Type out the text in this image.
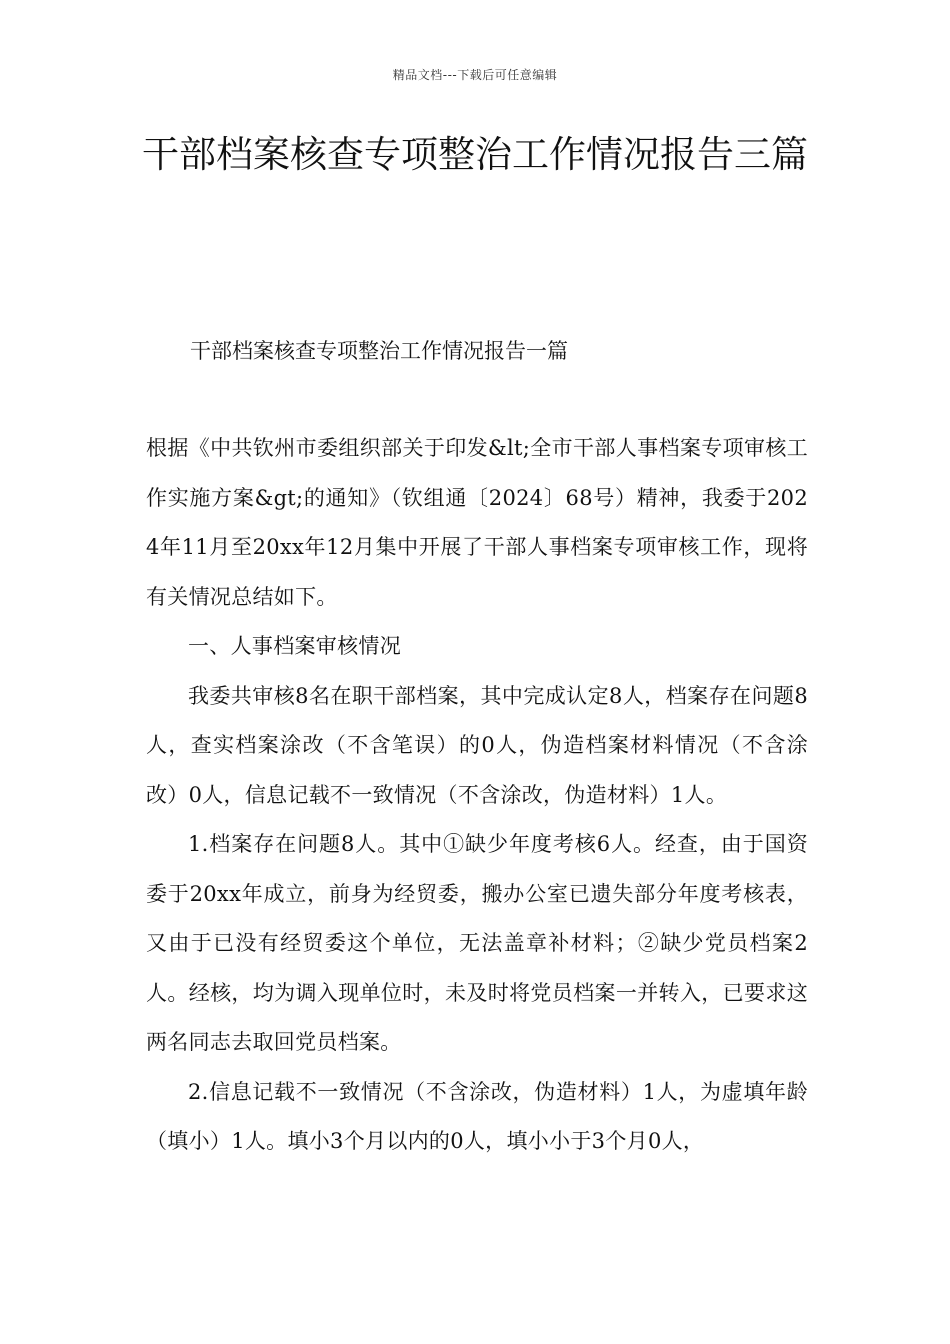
精品文档---下载后可任意编辑
干部档案核查专项整治工作情况报告三篇
干部档案核查专项整治工作情况报告一篇

根据《中共钦州市委组织部关于印发&lt;全市干部人事档案专项审核工作实施方案&gt;的通知》（钦组通〔2024〕68号）精神，我委于2024年11月至20xx年12月集中开展了干部人事档案专项审核工作，现将有关情况总结如下。

一、人事档案审核情况

我委共审核8名在职干部档案，其中完成认定8人，档案存在问题8人，查实档案涂改（不含笔误）的0人，伪造档案材料情况（不含涂改）0人，信息记载不一致情况（不含涂改，伪造材料）1人。

1.档案存在问题8人。其中①缺少年度考核6人。经查，由于国资委于20xx年成立，前身为经贸委，搬办公室已遗失部分年度考核表，又由于已没有经贸委这个单位，无法盖章补材料；②缺少党员档案2人。经核，均为调入现单位时，未及时将党员档案一并转入，已要求这两名同志去取回党员档案。

2.信息记载不一致情况（不含涂改，伪造材料）1人，为虚填年龄（填小）1人。填小3个月以内的0人，填小小于3个月0人，
